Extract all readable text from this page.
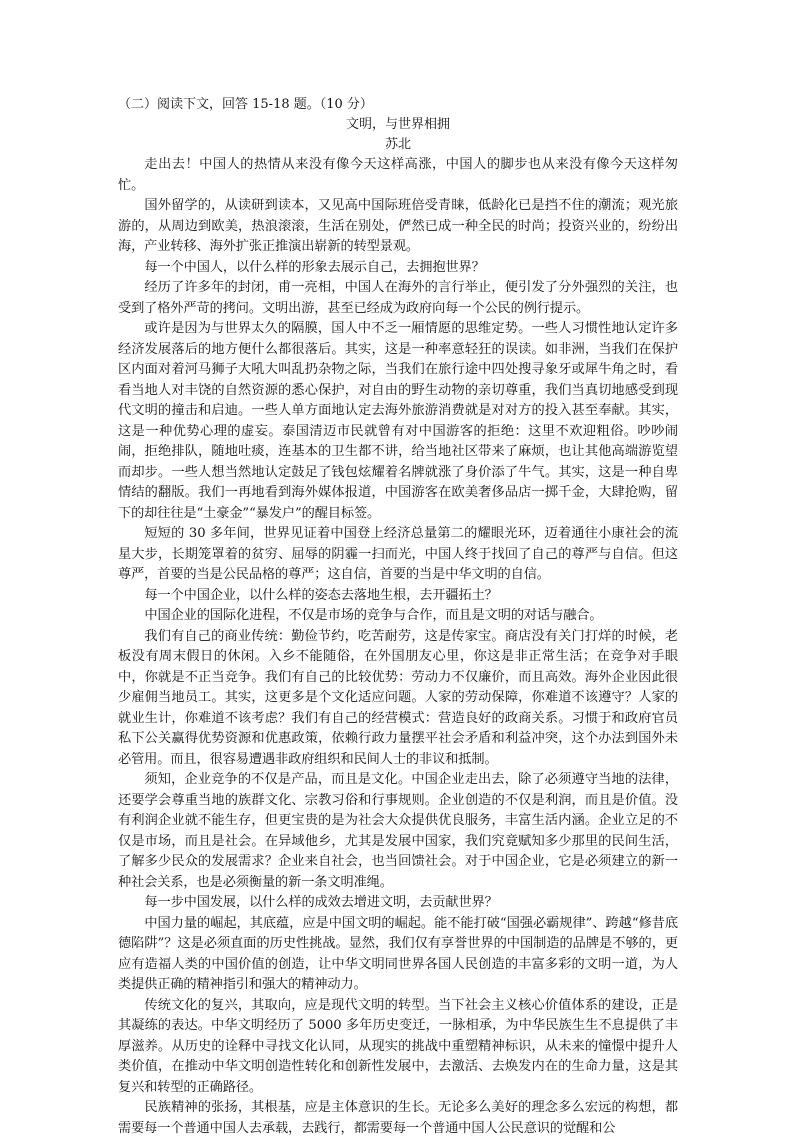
（二）阅读下文，回答 15-18 题。（10 分）

文明，与世界相拥

苏北

走出去！中国人的热情从来没有像今天这样高涨，中国人的脚步也从来没有像今天这样匆忙。

国外留学的，从读研到读本，又见高中国际班倍受青睐，低龄化已是挡不住的潮流；观光旅游的，从周边到欧美，热浪滚滚，生活在别处，俨然已成一种全民的时尚；投资兴业的，纷纷出海，产业转移、海外扩张正推演出崭新的转型景观。

每一个中国人，以什么样的形象去展示自己，去拥抱世界？

经历了许多年的封闭，甫一亮相，中国人在海外的言行举止，便引发了分外强烈的关注，也受到了格外严苛的拷问。文明出游，甚至已经成为政府向每一个公民的例行提示。

或许是因为与世界太久的隔膜，国人中不乏一厢情愿的思维定势。一些人习惯性地认定许多经济发展落后的地方便什么都很落后。其实，这是一种率意轻狂的误读。如非洲，当我们在保护区内面对着河马狮子大吼大叫乱扔杂物之际，当我们在旅行途中四处搜寻象牙或犀牛角之时，看看当地人对丰饶的自然资源的悉心保护，对自由的野生动物的亲切尊重，我们当真切地感受到现代文明的撞击和启迪。一些人单方面地认定去海外旅游消费就是对对方的投入甚至奉献。其实，这是一种优势心理的虚妄。泰国清迈市民就曾有对中国游客的拒绝：这里不欢迎粗俗。吵吵闹闹，拒绝排队，随地吐痰，连基本的卫生都不讲，给当地社区带来了麻烦，也让其他高端游览望而却步。一些人想当然地认定鼓足了钱包炫耀着名牌就涨了身价添了牛气。其实，这是一种自卑情结的翻版。我们一再地看到海外媒体报道，中国游客在欧美奢侈品店一掷千金，大肆抢购，留下的却往往是“土豪金”“暴发户”的醒目标签。

短短的 30 多年间，世界见证着中国登上经济总量第二的耀眼光环，迈着通往小康社会的流星大步，长期笼罩着的贫穷、屈辱的阴霾一扫而光，中国人终于找回了自己的尊严与自信。但这尊严，首要的当是公民品格的尊严；这自信，首要的当是中华文明的自信。

每一个中国企业，以什么样的姿态去落地生根，去开疆拓土？

中国企业的国际化进程，不仅是市场的竞争与合作，而且是文明的对话与融合。

我们有自己的商业传统：勤俭节约，吃苦耐劳，这是传家宝。商店没有关门打烊的时候，老板没有周末假日的休闲。入乡不能随俗，在外国朋友心里，你这是非正常生活；在竞争对手眼中，你就是不正当竞争。我们有自己的比较优势：劳动力不仅廉价，而且高效。海外企业因此很少雇佣当地员工。其实，这更多是个文化适应问题。人家的劳动保障，你难道不该遵守？人家的就业生计，你难道不该考虑？我们有自己的经营模式：营造良好的政商关系。习惯于和政府官员私下公关赢得优势资源和优惠政策，依赖行政力量摆平社会矛盾和利益冲突，这个办法到国外未必管用。而且，很容易遭遇非政府组织和民间人士的非议和抵制。

须知，企业竞争的不仅是产品，而且是文化。中国企业走出去，除了必须遵守当地的法律，还要学会尊重当地的族群文化、宗教习俗和行事规则。企业创造的不仅是利润，而且是价值。没有利润企业就不能生存，但更宝贵的是为社会大众提供优良服务，丰富生活内涵。企业立足的不仅是市场，而且是社会。在异域他乡，尤其是发展中国家，我们究竟赋知多少那里的民间生活，了解多少民众的发展需求？企业来自社会，也当回馈社会。对于中国企业，它是必须建立的新一种社会关系，也是必须衡量的新一条文明准绳。

每一步中国发展，以什么样的成效去增进文明，去贡献世界？

中国力量的崛起，其底蕴，应是中国文明的崛起。能不能打破“国强必霸规律”、跨越“修昔底德陷阱”？这是必须直面的历史性挑战。显然，我们仅有享誉世界的中国制造的品牌是不够的，更应有造福人类的中国价值的创造，让中华文明同世界各国人民创造的丰富多彩的文明一道，为人类提供正确的精神指引和强大的精神动力。

传统文化的复兴，其取向，应是现代文明的转型。当下社会主义核心价值体系的建设，正是其凝练的表达。中华文明经历了 5000 多年历史变迁，一脉相承，为中华民族生生不息提供了丰厚滋养。从历史的诠释中寻找文化认同，从现实的挑战中重塑精神标识，从未来的憧憬中提升人类价值，在推动中华文明创造性转化和创新性发展中，去激活、去焕发内在的生命力量，这是其复兴和转型的正确路径。

民族精神的张扬，其根基，应是主体意识的生长。无论多么美好的理念多么宏远的构想，都需要每一个普通中国人去承载，去践行，都需要每一个普通中国人公民意识的觉醒和公
